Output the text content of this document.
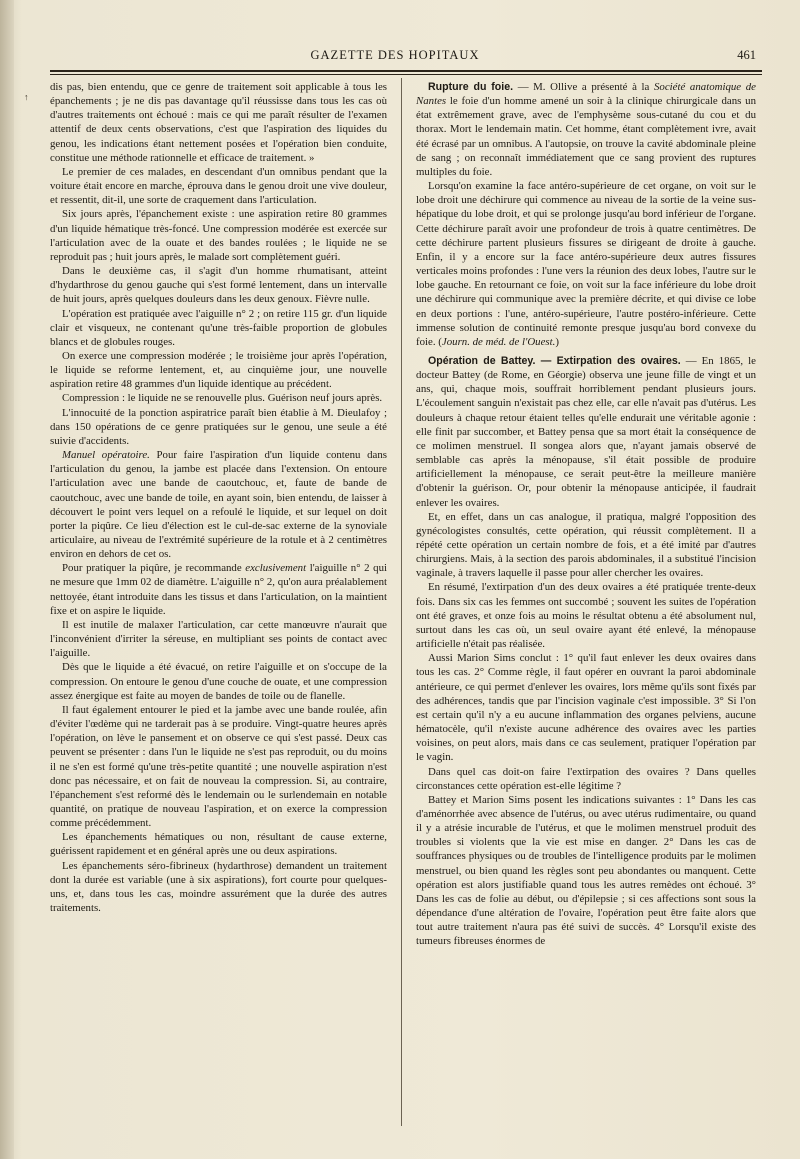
↑
GAZETTE DES HOPITAUX	461

dis pas, bien entendu, que ce genre de traitement soit applicable à tous les épanchements ; je ne dis pas davantage qu'il réussisse dans tous les cas où d'autres traitements ont échoué : mais ce qui me paraît résulter de l'examen attentif de deux cents observations, c'est que l'aspiration des liquides du genou, les indications étant nettement posées et l'opération bien conduite, constitue une méthode rationnelle et efficace de traitement. »

Le premier de ces malades, en descendant d'un omnibus pendant que la voiture était encore en marche, éprouva dans le genou droit une vive douleur, et ressentit, dit-il, une sorte de craquement dans l'articulation.

Six jours après, l'épanchement existe : une aspiration retire 80 grammes d'un liquide hématique très-foncé. Une compression modérée est exercée sur l'articulation avec de la ouate et des bandes roulées ; le liquide ne se reproduit pas ; huit jours après, le malade sort complètement guéri.

Dans le deuxième cas, il s'agit d'un homme rhumatisant, atteint d'hydarthrose du genou gauche qui s'est formé lentement, dans un intervalle de huit jours, après quelques douleurs dans les deux genoux. Fièvre nulle.

L'opération est pratiquée avec l'aiguille n° 2 ; on retire 115 gr. d'un liquide clair et visqueux, ne contenant qu'une très-faible proportion de globules blancs et de globules rouges.

On exerce une compression modérée ; le troisième jour après l'opération, le liquide se reforme lentement, et, au cinquième jour, une nouvelle aspiration retire 48 grammes d'un liquide identique au précédent.

Compression : le liquide ne se renouvelle plus. Guérison neuf jours après.

L'innocuité de la ponction aspiratrice paraît bien établie à M. Dieulafoy ; dans 150 opérations de ce genre pratiquées sur le genou, une seule a été suivie d'accidents.

Manuel opératoire. Pour faire l'aspiration d'un liquide contenu dans l'articulation du genou, la jambe est placée dans l'extension. On entoure l'articulation avec une bande de caoutchouc, et, faute de bande de caoutchouc, avec une bande de toile, en ayant soin, bien entendu, de laisser à découvert le point vers lequel on a refoulé le liquide, et sur lequel on doit porter la piqûre. Ce lieu d'élection est le cul-de-sac externe de la synoviale articulaire, au niveau de l'extrémité supérieure de la rotule et à 2 centimètres environ en dehors de cet os.

Pour pratiquer la piqûre, je recommande exclusivement l'aiguille n° 2 qui ne mesure que 1mm 02 de diamètre. L'aiguille n° 2, qu'on aura préalablement nettoyée, étant introduite dans les tissus et dans l'articulation, on la maintient fixe et on aspire le liquide.

Il est inutile de malaxer l'articulation, car cette manœuvre n'aurait que l'inconvénient d'irriter la séreuse, en multipliant ses points de contact avec l'aiguille.

Dès que le liquide a été évacué, on retire l'aiguille et on s'occupe de la compression. On entoure le genou d'une couche de ouate, et une compression assez énergique est faite au moyen de bandes de toile ou de flanelle.

Il faut également entourer le pied et la jambe avec une bande roulée, afin d'éviter l'œdème qui ne tarderait pas à se produire. Vingt-quatre heures après l'opération, on lève le pansement et on observe ce qui s'est passé. Deux cas peuvent se présenter : dans l'un le liquide ne s'est pas reproduit, ou du moins il ne s'en est formé qu'une très-petite quantité ; une nouvelle aspiration n'est donc pas nécessaire, et on fait de nouveau la compression. Si, au contraire, l'épanchement s'est reformé dès le lendemain ou le surlendemain en notable quantité, on pratique de nouveau l'aspiration, et on exerce la compression comme précédemment.

Les épanchements hématiques ou non, résultant de cause externe, guérissent rapidement et en général après une ou deux aspirations.

Les épanchements séro-fibrineux (hydarthrose) demandent un traitement dont la durée est variable (une à six aspirations), fort courte pour quelques-uns, et, dans tous les cas, moindre assurément que la durée des autres traitements.

Rupture du foie. — M. Ollive a présenté à la Société anatomique de Nantes le foie d'un homme amené un soir à la clinique chirurgicale dans un état extrêmement grave, avec de l'emphysème sous-cutané du cou et du thorax. Mort le lendemain matin. Cet homme, étant complètement ivre, avait été écrasé par un omnibus. A l'autopsie, on trouve la cavité abdominale pleine de sang ; on reconnaît immédiatement que ce sang provient des ruptures multiples du foie.

Lorsqu'on examine la face antéro-supérieure de cet organe, on voit sur le lobe droit une déchirure qui commence au niveau de la sortie de la veine sus-hépatique du lobe droit, et qui se prolonge jusqu'au bord inférieur de l'organe. Cette déchirure paraît avoir une profondeur de trois à quatre centimètres. De cette déchirure partent plusieurs fissures se dirigeant de droite à gauche. Enfin, il y a encore sur la face antéro-supérieure deux autres fissures verticales moins profondes : l'une vers la réunion des deux lobes, l'autre sur le lobe gauche. En retournant ce foie, on voit sur la face inférieure du lobe droit une déchirure qui communique avec la première décrite, et qui divise ce lobe en deux portions : l'une, antéro-supérieure, l'autre postéro-inférieure. Cette immense solution de continuité remonte presque jusqu'au bord convexe du foie. (Journ. de méd. de l'Ouest.)

Opération de Battey. — Extirpation des ovaires. — En 1865, le docteur Battey (de Rome, en Géorgie) observa une jeune fille de vingt et un ans, qui, chaque mois, souffrait horriblement pendant plusieurs jours. L'écoulement sanguin n'existait pas chez elle, car elle n'avait pas d'utérus. Les douleurs à chaque retour étaient telles qu'elle endurait une véritable agonie : elle finit par succomber, et Battey pensa que sa mort était la conséquence de ce molimen menstruel. Il songea alors que, n'ayant jamais observé de semblable cas après la ménopause, s'il était possible de produire artificiellement la ménopause, ce serait peut-être la meilleure manière d'obtenir la guérison. Or, pour obtenir la ménopause anticipée, il faudrait enlever les ovaires.

Et, en effet, dans un cas analogue, il pratiqua, malgré l'opposition des gynécologistes consultés, cette opération, qui réussit complètement. Il a répété cette opération un certain nombre de fois, et a été imité par d'autres chirurgiens. Mais, à la section des parois abdominales, il a substitué l'incision vaginale, à travers laquelle il passe pour aller chercher les ovaires.

En résumé, l'extirpation d'un des deux ovaires a été pratiquée trente-deux fois. Dans six cas les femmes ont succombé ; souvent les suites de l'opération ont été graves, et onze fois au moins le résultat obtenu a été absolument nul, surtout dans les cas où, un seul ovaire ayant été enlevé, la ménopause artificielle n'était pas réalisée.

Aussi Marion Sims conclut : 1° qu'il faut enlever les deux ovaires dans tous les cas. 2° Comme règle, il faut opérer en ouvrant la paroi abdominale antérieure, ce qui permet d'enlever les ovaires, lors même qu'ils sont fixés par des adhérences, tandis que par l'incision vaginale c'est impossible. 3° Si l'on est certain qu'il n'y a eu aucune inflammation des organes pelviens, aucune hématocèle, qu'il n'existe aucune adhérence des ovaires avec les parties voisines, on peut alors, mais dans ce cas seulement, pratiquer l'opération par le vagin.

Dans quel cas doit-on faire l'extirpation des ovaires ? Dans quelles circonstances cette opération est-elle légitime ?

Battey et Marion Sims posent les indications suivantes : 1° Dans les cas d'aménorrhée avec absence de l'utérus, ou avec utérus rudimentaire, ou quand il y a atrésie incurable de l'utérus, et que le molimen menstruel produit des troubles si violents que la vie est mise en danger. 2° Dans les cas de souffrances physiques ou de troubles de l'intelligence produits par le molimen menstruel, ou bien quand les règles sont peu abondantes ou manquent. Cette opération est alors justifiable quand tous les autres remèdes ont échoué. 3° Dans les cas de folie au début, ou d'épilepsie ; si ces affections sont sous la dépendance d'une altération de l'ovaire, l'opération peut être faite alors que tout autre traitement n'aura pas été suivi de succès. 4° Lorsqu'il existe des tumeurs fibreuses énormes de
